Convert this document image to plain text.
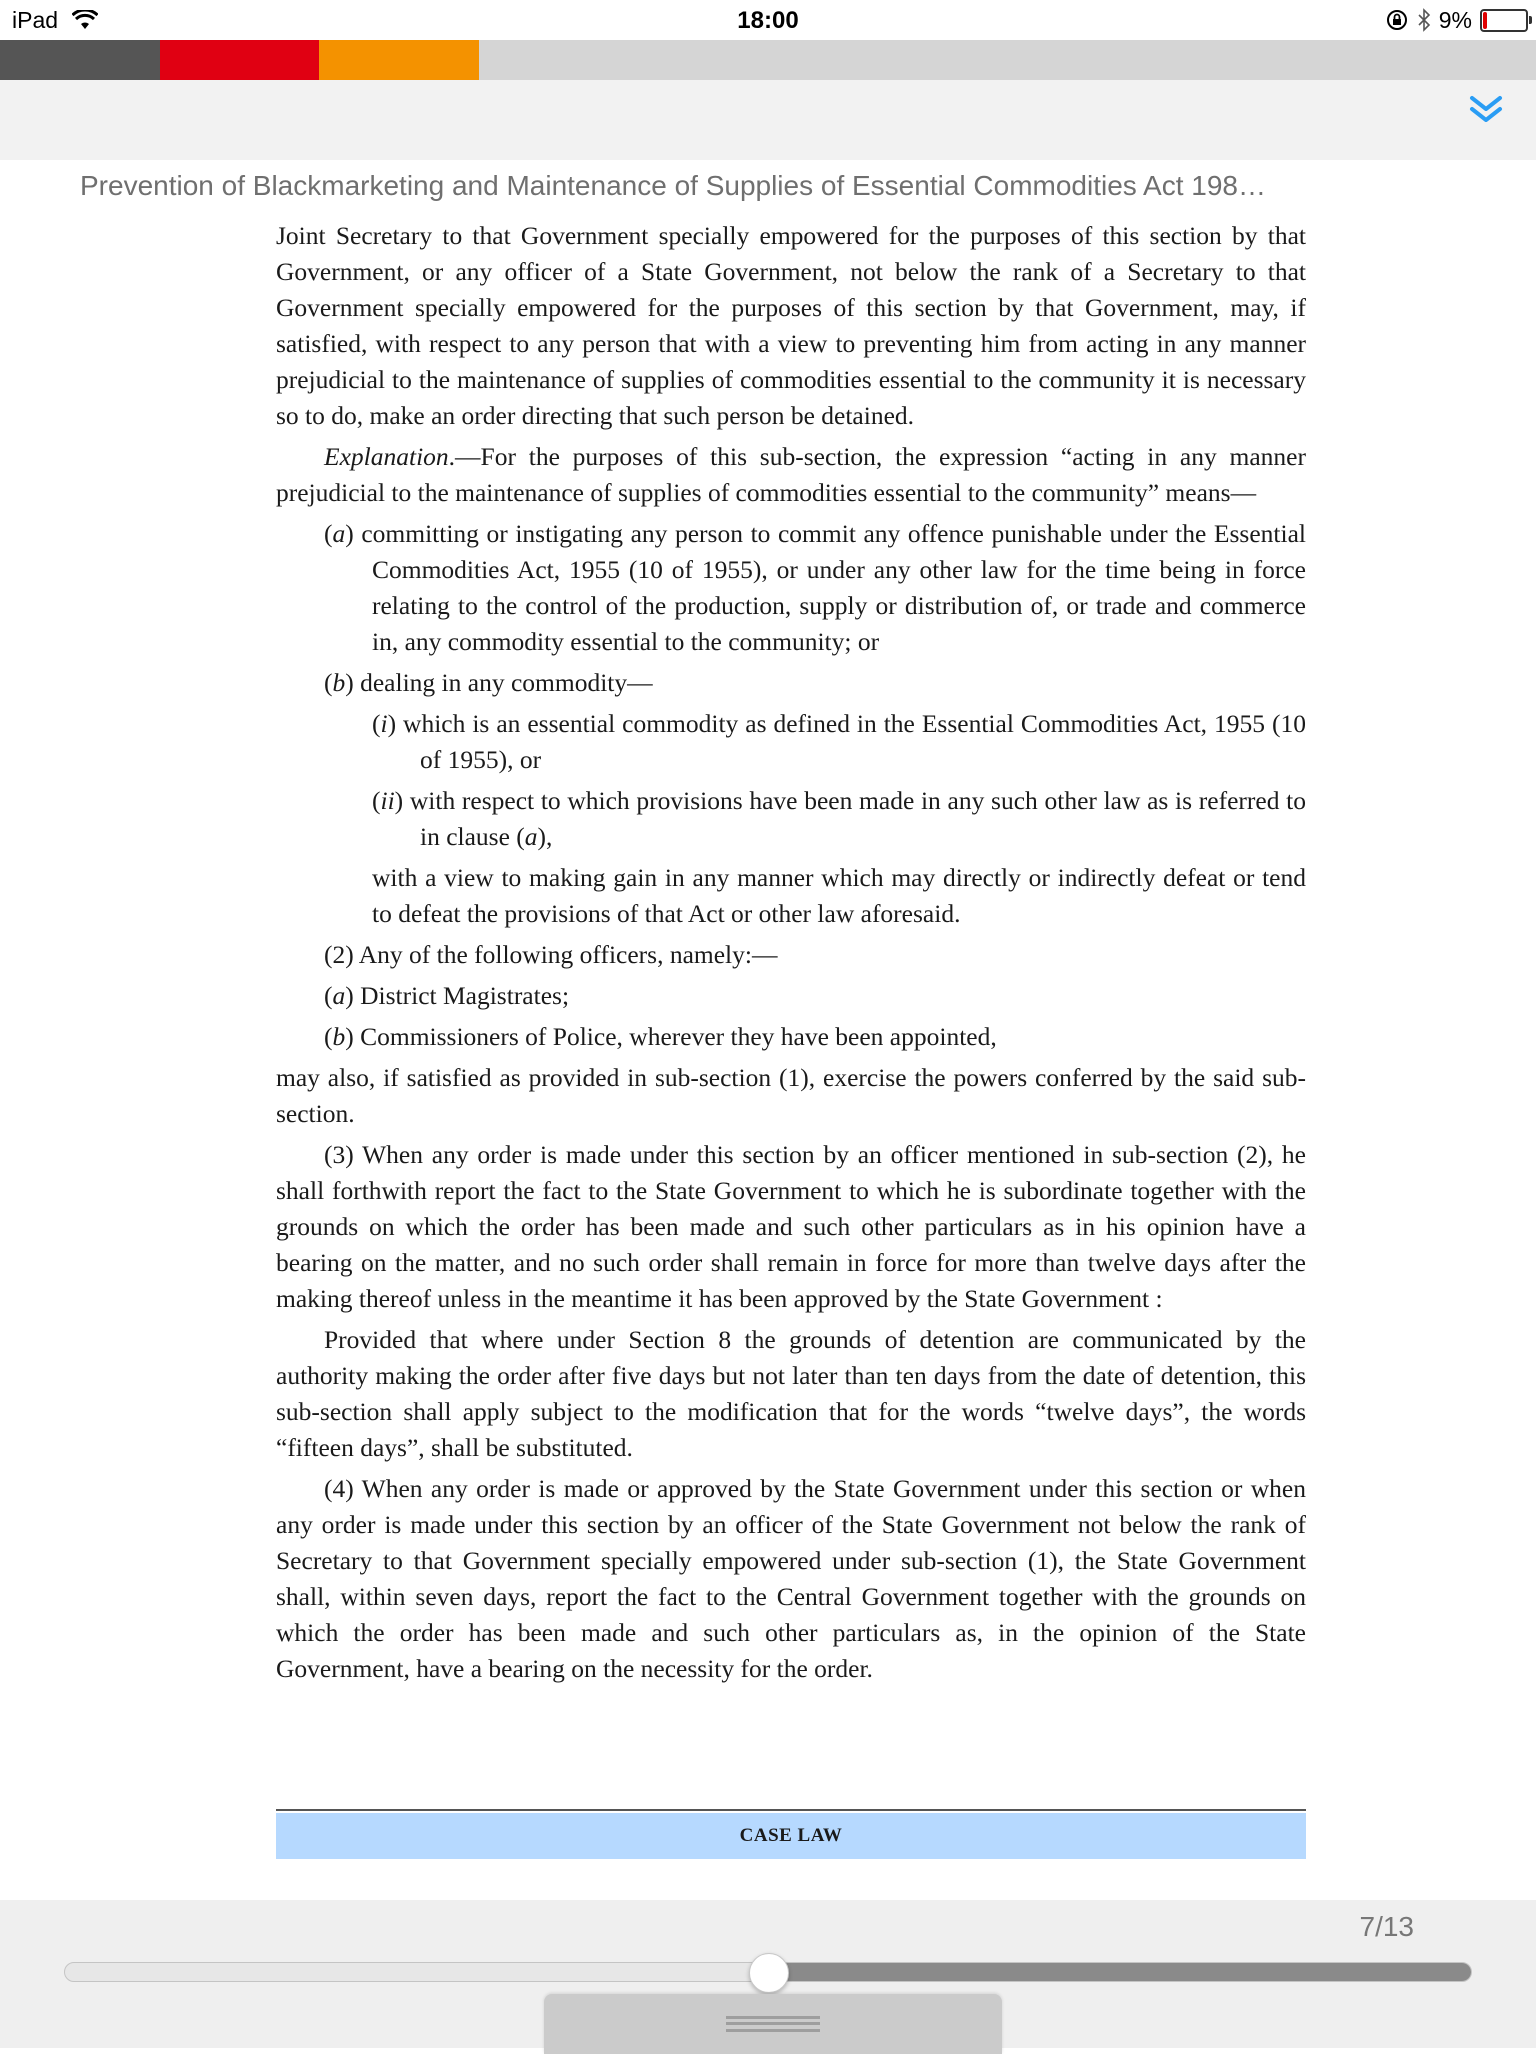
iPad	18:00	9%
Prevention of Blackmarketing and Maintenance of Supplies of Essential Commodities Act 198…

Joint Secretary to that Government specially empowered for the purposes of this section by that Government, or any officer of a State Government, not below the rank of a Secretary to that Government specially empowered for the purposes of this section by that Government, may, if satisfied, with respect to any person that with a view to preventing him from acting in any manner prejudicial to the maintenance of supplies of commodities essential to the community it is necessary so to do, make an order directing that such person be detained.

Explanation.—For the purposes of this sub-section, the expression “acting in any manner prejudicial to the maintenance of supplies of commodities essential to the community” means—

(a) committing or instigating any person to commit any offence punishable under the Essential Commodities Act, 1955 (10 of 1955), or under any other law for the time being in force relating to the control of the production, supply or distribution of, or trade and commerce in, any commodity essential to the community; or

(b) dealing in any commodity—

(i) which is an essential commodity as defined in the Essential Commodities Act, 1955 (10 of 1955), or

(ii) with respect to which provisions have been made in any such other law as is referred to in clause (a),

with a view to making gain in any manner which may directly or indirectly defeat or tend to defeat the provisions of that Act or other law aforesaid.

(2) Any of the following officers, namely:—

(a) District Magistrates;

(b) Commissioners of Police, wherever they have been appointed,

may also, if satisfied as provided in sub-section (1), exercise the powers conferred by the said sub-section.

(3) When any order is made under this section by an officer mentioned in sub-section (2), he shall forthwith report the fact to the State Government to which he is subordinate together with the grounds on which the order has been made and such other particulars as in his opinion have a bearing on the matter, and no such order shall remain in force for more than twelve days after the making thereof unless in the meantime it has been approved by the State Government :

Provided that where under Section 8 the grounds of detention are communicated by the authority making the order after five days but not later than ten days from the date of detention, this sub-section shall apply subject to the modification that for the words “twelve days”, the words “fifteen days”, shall be substituted.

(4) When any order is made or approved by the State Government under this section or when any order is made under this section by an officer of the State Government not below the rank of Secretary to that Government specially empowered under sub-section (1), the State Government shall, within seven days, report the fact to the Central Government together with the grounds on which the order has been made and such other particulars as, in the opinion of the State Government, have a bearing on the necessity for the order.

CASE LAW
7/13
